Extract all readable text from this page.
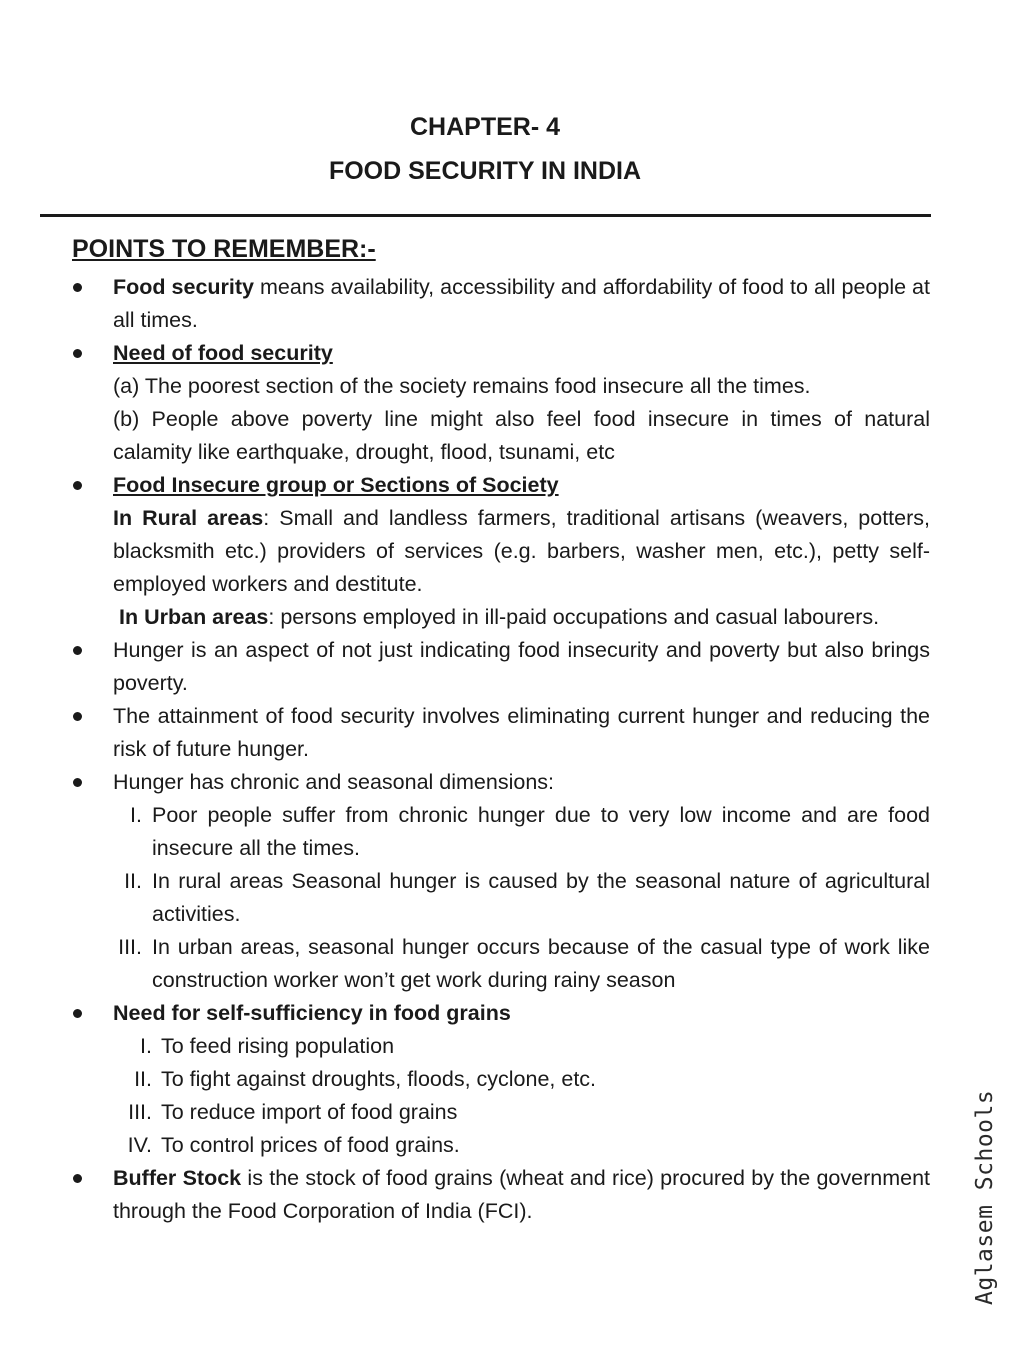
CHAPTER- 4
FOOD SECURITY IN INDIA
POINTS TO REMEMBER:-
Food security means availability, accessibility and affordability of food to all people at all times.
Need of food security
(a) The poorest section of the society remains food insecure all the times.
(b) People above poverty line might also feel food insecure in times of natural calamity like earthquake, drought, flood, tsunami, etc
Food Insecure group or Sections of Society
In Rural areas: Small and landless farmers, traditional artisans (weavers, potters, blacksmith etc.) providers of services (e.g. barbers, washer men, etc.), petty self-employed workers and destitute.
In Urban areas: persons employed in ill-paid occupations and casual labourers.
Hunger is an aspect of not just indicating food insecurity and poverty but also brings poverty.
The attainment of food security involves eliminating current hunger and reducing the risk of future hunger.
Hunger has chronic and seasonal dimensions:
I. Poor people suffer from chronic hunger due to very low income and are food insecure all the times.
II. In rural areas Seasonal hunger is caused by the seasonal nature of agricultural activities.
III. In urban areas, seasonal hunger occurs because of the casual type of work like construction worker won’t get work during rainy season
Need for self-sufficiency in food grains
I. To feed rising population
II. To fight against droughts, floods, cyclone, etc.
III. To reduce import of food grains
IV. To control prices of food grains.
Buffer Stock is the stock of food grains (wheat and rice) procured by the government through the Food Corporation of India (FCI).	Aglasem Schools
